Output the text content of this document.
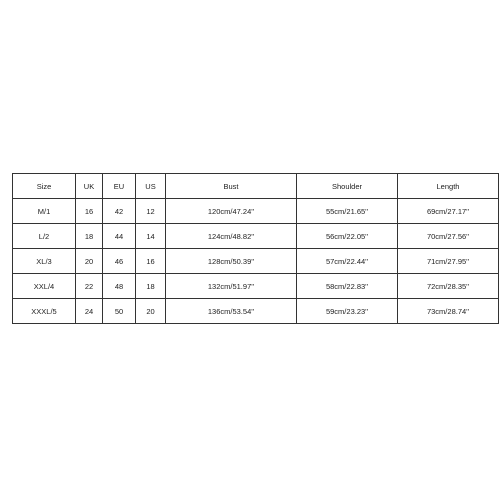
Size	UK	EU	US	Bust	Shoulder	Length
M/1	16	42	12	120cm/47.24''	55cm/21.65''	69cm/27.17''
L/2	18	44	14	124cm/48.82''	56cm/22.05''	70cm/27.56''
XL/3	20	46	16	128cm/50.39''	57cm/22.44''	71cm/27.95''
XXL/4	22	48	18	132cm/51.97''	58cm/22.83''	72cm/28.35''
XXXL/5	24	50	20	136cm/53.54''	59cm/23.23''	73cm/28.74''
